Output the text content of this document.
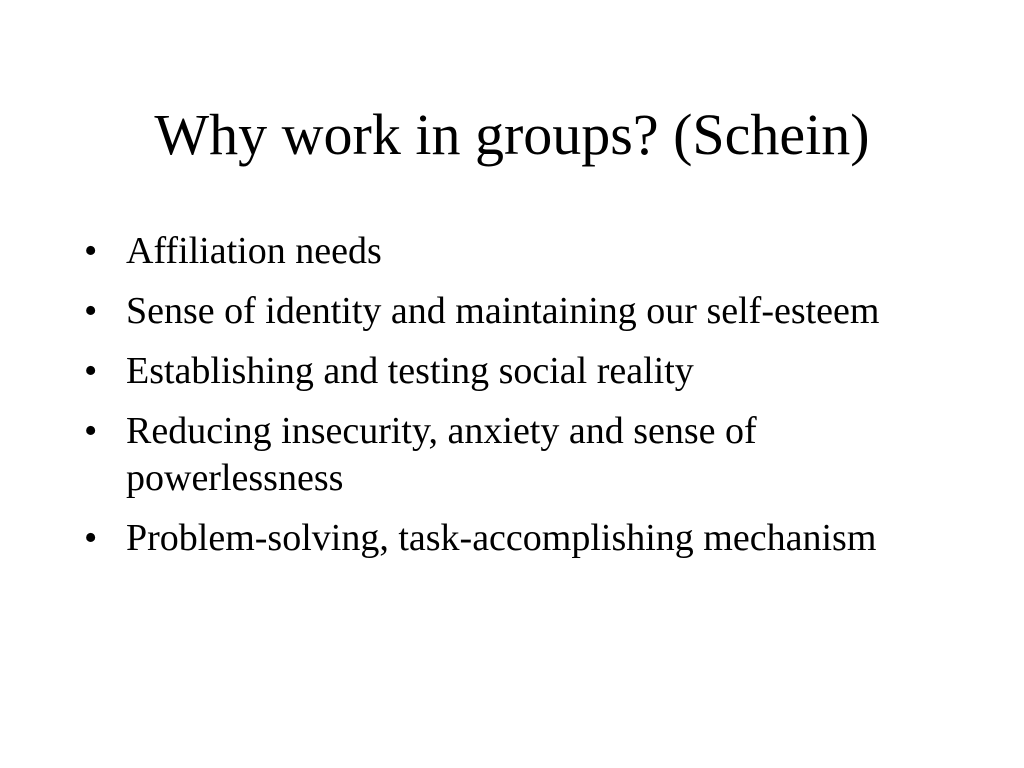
Why work in groups? (Schein)
• Affiliation needs
• Sense of identity and maintaining our self-esteem
• Establishing and testing social reality
• Reducing insecurity, anxiety and sense of powerlessness
• Problem-solving, task-accomplishing mechanism
